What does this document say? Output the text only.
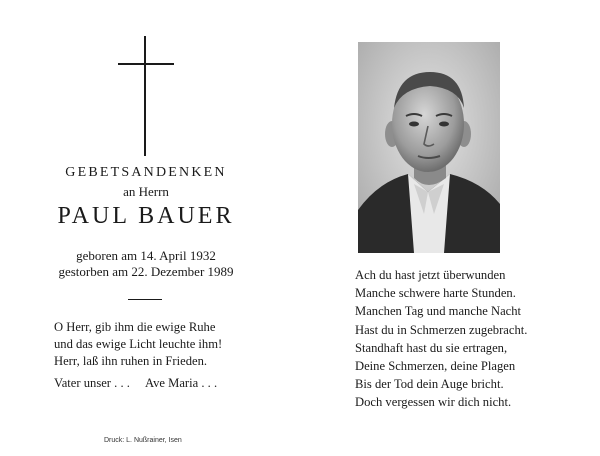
GEBETSANDENKEN
an Herrn
PAUL BAUER
geboren am 14. April 1932
gestorben am 22. Dezember 1989
O Herr, gib ihm die ewige Ruhe
und das ewige Licht leuchte ihm!
Herr, laß ihn ruhen in Frieden.
Vater unser . . . Ave Maria . . .
Druck: L. Nußrainer, Isen
Ach du hast jetzt überwunden
Manche schwere harte Stunden.
Manchen Tag und manche Nacht
Hast du in Schmerzen zugebracht.
Standhaft hast du sie ertragen,
Deine Schmerzen, deine Plagen
Bis der Tod dein Auge bricht.
Doch vergessen wir dich nicht.
